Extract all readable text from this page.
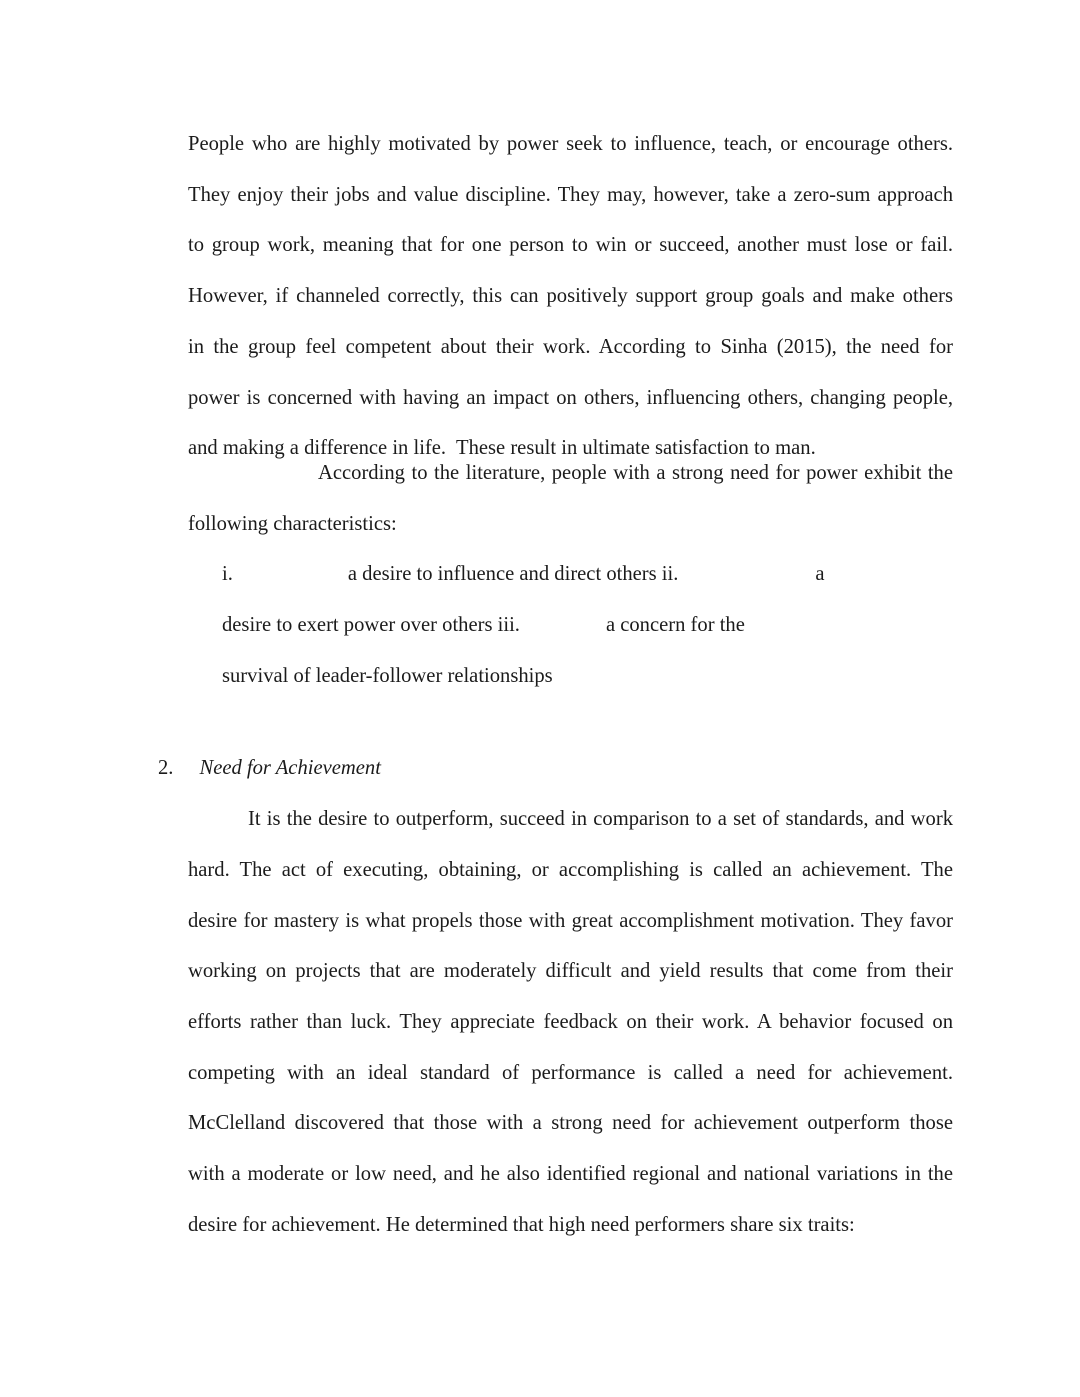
People who are highly motivated by power seek to influence, teach, or encourage others.
They enjoy their jobs and value discipline. They may, however, take a zero-sum approach
to group work, meaning that for one person to win or succeed, another must lose or fail.
However, if channeled correctly, this can positively support group goals and make others
in the group feel competent about their work. According to Sinha (2015), the need for
power is concerned with having an impact on others, influencing others, changing people,
and making a difference in life.  These result in ultimate satisfaction to man.
According to the literature, people with a strong need for power exhibit the
following characteristics:
i.	a desire to influence and direct others ii.	a
desire to exert power over others iii.	a concern for the
survival of leader-follower relationships
2. Need for Achievement
It is the desire to outperform, succeed in comparison to a set of standards, and work
hard. The act of executing, obtaining, or accomplishing is called an achievement. The
desire for mastery is what propels those with great accomplishment motivation. They favor
working on projects that are moderately difficult and yield results that come from their
efforts rather than luck. They appreciate feedback on their work. A behavior focused on
competing with an ideal standard of performance is called a need for achievement.
McClelland discovered that those with a strong need for achievement outperform those
with a moderate or low need, and he also identified regional and national variations in the
desire for achievement. He determined that high need performers share six traits:
